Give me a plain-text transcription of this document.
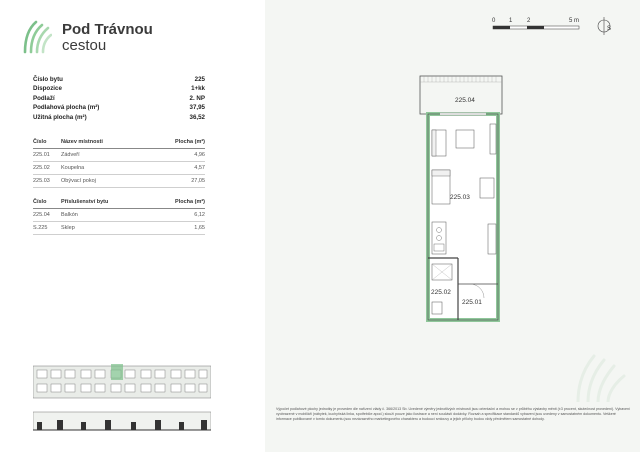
Pod Trávnou
cestou
Číslo bytu	225
Dispozice	1+kk
Podlaží	2. NP
Podlahová plocha (m²)	37,95
Užitná plocha (m²)	36,52
Číslo	Název místnosti	Plocha (m²)
225.01	Zádveří	4,96
225.02	Koupelna	4,57
225.03	Obývací pokoj	27,05
Číslo	Příslušenství bytu	Plocha (m²)
225.04	Balkón	6,12
S.225	Sklep	1,65
S
0 1 2	5 m
225.04
225.03
225.02
225.01
Výpočet podlahové plochy jednotky je proveden dle nařízení vlády č. 366/2013 Sb. Uvedené výměry jednotlivých místností jsou orientační a mohou se v průběhu výstavby měnit (±3 procent, skutečnost provedení). Vybavení vyobrazené v mobiliáři (nábytek, kuchyňská linka, spotřebiče apod.) slouží pouze jako ilustrace a není součástí dodávky. Rozsah a specifikace standardů vybavení jsou uvedeny v samostatném dokumentu. Veškeré informace publikované v tomto dokumentu jsou nezávazného marketingového charakteru a budoucí smlouvy a jejich přílohy budou vždy předmětem samostatné dohody.
